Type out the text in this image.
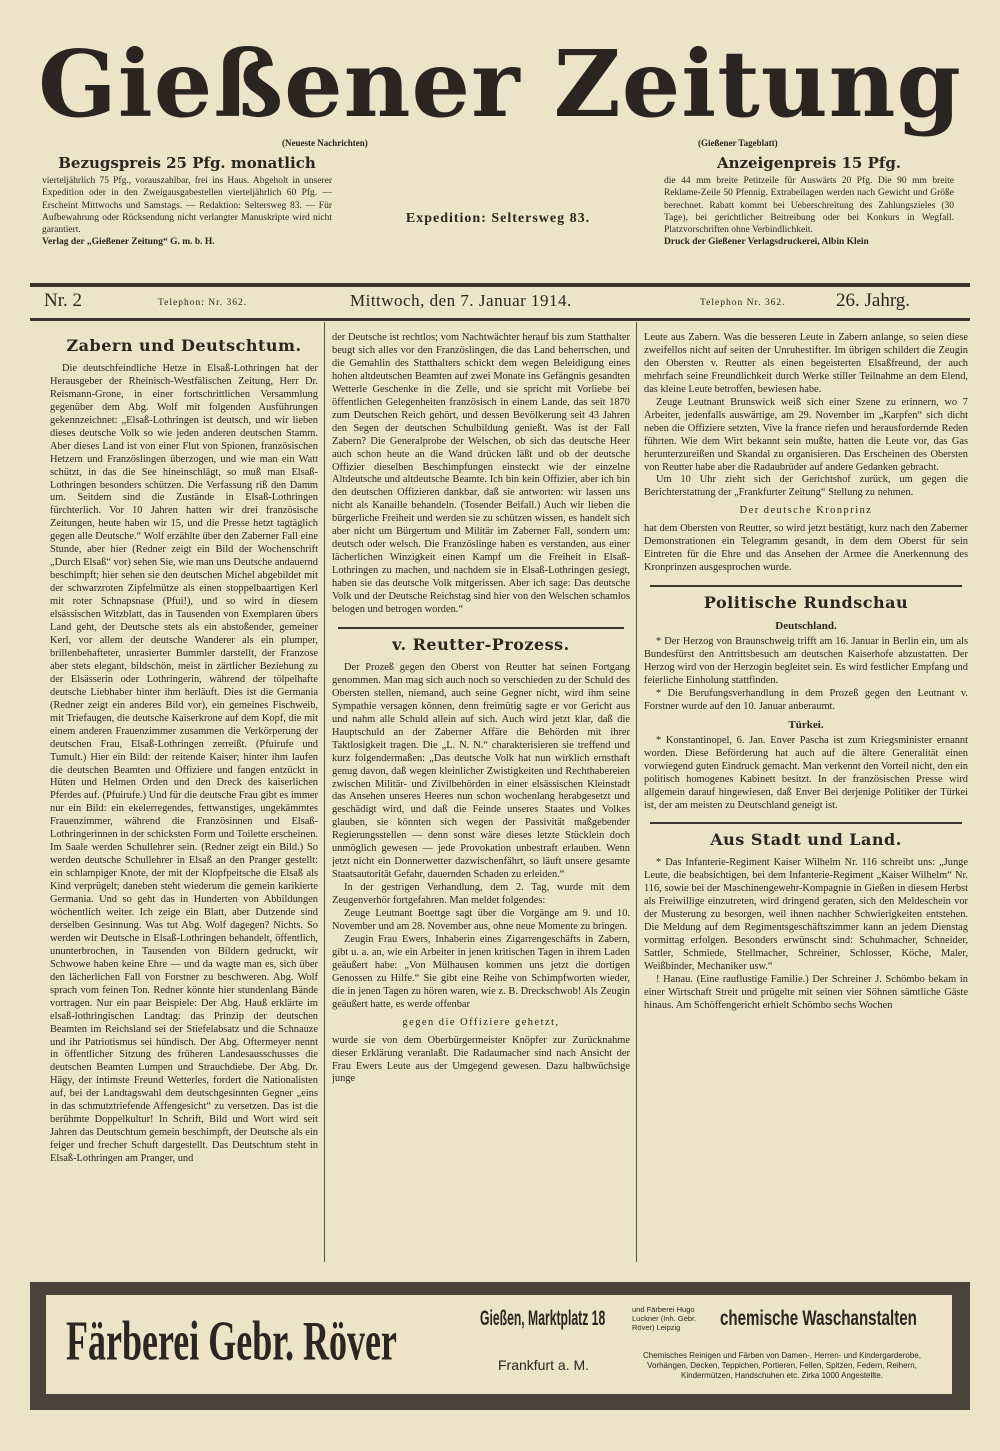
Gießener Zeitung
(Neueste Nachrichten)	(Gießener Tageblatt)
Bezugspreis 25 Pfg. monatlich

vierteljährlich 75 Pfg., vorauszahlbar, frei ins Haus. Abgeholt in unserer Expedition oder in den Zweigausgabestellen vierteljährlich 60 Pfg. — Erscheint Mittwochs und Samstags. — Redaktion: Seltersweg 83. — Für Aufbewahrung oder Rücksendung nicht verlangter Manuskripte wird nicht garantiert.

Verlag der „Gießener Zeitung“ G. m. b. H.

Expedition: Seltersweg 83.
Anzeigenpreis 15 Pfg.

die 44 mm breite Petitzeile für Auswärts 20 Pfg. Die 90 mm breite Reklame-Zeile 50 Pfennig. Extrabeilagen werden nach Gewicht und Größe berechnet. Rabatt kommt bei Ueberschreitung des Zahlungszieles (30 Tage), bei gerichtlicher Beitreibung oder bei Konkurs in Wegfall. Platzvorschriften ohne Verbindlichkeit.

Druck der Gießener Verlagsdruckerei, Albin Klein

Nr. 2	Telephon: Nr. 362.	Mittwoch, den 7. Januar 1914.	Telephon Nr. 362.	26. Jahrg.
Zabern und Deutschtum.

Die deutschfeindliche Hetze in Elsaß-Lothringen hat der Herausgeber der Rheinisch-Westfälischen Zeitung, Herr Dr. Reismann-Grone, in einer fortschrittlichen Versammlung gegenüber dem Abg. Wolf mit folgenden Ausführungen gekennzeichnet: „Elsaß-Lothringen ist deutsch, und wir lieben dieses deutsche Volk so wie jeden anderen deutschen Stamm. Aber dieses Land ist von einer Flut von Spionen, französischen Hetzern und Französlingen überzogen, und wie man ein Watt schützt, in das die See hineinschlägt, so muß man Elsaß-Lothringen besonders schützen. Die Verfassung riß den Damm um. Seitdem sind die Zustände in Elsaß-Lothringen fürchterlich. Vor 10 Jahren hatten wir drei französische Zeitungen, heute haben wir 15, und die Presse hetzt tagtäglich gegen alle Deutsche.“ Wolf erzählte über den Zaberner Fall eine Stunde, aber hier (Redner zeigt ein Bild der Wochenschrift „Durch Elsaß“ vor) sehen Sie, wie man uns Deutsche andauernd beschimpft; hier sehen sie den deutschen Michel abgebildet mit der schwarzroten Zipfelmütze als einen stoppelbaartigen Kerl mit roter Schnapsnase (Pfui!), und so wird in diesem elsässischen Witzblatt, das in Tausenden von Exemplaren übers Land geht, der Deutsche stets als ein abstoßender, gemeiner Kerl, vor allem der deutsche Wanderer als ein plumper, brillenbehafteter, unrasierter Bummler darstellt, der Franzose aber stets elegant, bildschön, meist in zärtlicher Beziehung zu der Elsässerin oder Lothringerin, während der tölpelhafte deutsche Liebhaber hinter ihm herläuft. Dies ist die Germania (Redner zeigt ein anderes Bild vor), ein gemeines Fischweib, mit Triefaugen, die deutsche Kaiserkrone auf dem Kopf, die mit einem anderen Frauenzimmer zusammen die Verkörperung der deutschen Frau, Elsaß-Lothringen zerreißt. (Pfuirufe und Tumult.) Hier ein Bild: der reitende Kaiser; hinter ihm laufen die deutschen Beamten und Offiziere und fangen entzückt in Hüten und Helmen Orden und den Dreck des kaiserlichen Pferdes auf. (Pfuirufe.) Und für die deutsche Frau gibt es immer nur ein Bild: ein ekelerregendes, fettwanstiges, ungekämmtes Frauenzimmer, während die Französinnen und Elsaß-Lothringerinnen in der schicksten Form und Toilette erscheinen. Im Saale werden Schullehrer sein. (Redner zeigt ein Bild.) So werden deutsche Schullehrer in Elsaß an den Pranger gestellt: ein schlampiger Knote, der mit der Klopfpeitsche die Elsaß als Kind verprügelt; daneben steht wiederum die gemein karikierte Germania. Und so geht das in Hunderten von Abbildungen wöchentlich weiter. Ich zeige ein Blatt, aber Dutzende sind derselben Gesinnung. Was tut Abg. Wolf dagegen? Nichts. So werden wir Deutsche in Elsaß-Lothringen behandelt, öffentlich, ununterbrochen, in Tausenden von Bildern gedruckt, wir Schwowe haben keine Ehre — und da wagte man es, sich über den lächerlichen Fall von Forstner zu beschweren. Abg. Wolf sprach vom feinen Ton. Redner könnte hier stundenlang Bände vortragen. Nur ein paar Beispiele: Der Abg. Hauß erklärte im elsaß-lothringischen Landtag: das Prinzip der deutschen Beamten im Reichsland sei der Stiefelabsatz und die Schnauze und ihr Patriotismus sei hündisch. Der Abg. Oftermeyer nennt in öffentlicher Sitzung des früheren Landesausschusses die deutschen Beamten Lumpen und Strauchdiebe. Der Abg. Dr. Hägy, der intimste Freund Wetterles, fordert die Nationalisten auf, bei der Landtagswahl dem deutschgesinnten Gegner „eins in das schmutztriefende Affengesicht“ zu versetzen. Das ist die berühmte Doppelkultur! In Schrift, Bild und Wort wird seit Jahren das Deutschtum gemein beschimpft, der Deutsche als ein feiger und frecher Schuft dargestellt. Das Deutschtum steht in Elsaß-Lothringen am Pranger, und

der Deutsche ist rechtlos; vom Nachtwächter herauf bis zum Statthalter beugt sich alles vor den Französlingen, die das Land beherrschen, und die Gemahlin des Statthalters schickt dem wegen Beleidigung eines hohen altdeutschen Beamten auf zwei Monate ins Gefängnis gesandten Wetterle Geschenke in die Zelle, und sie spricht mit Vorliebe bei öffentlichen Gelegenheiten französisch in einem Lande, das seit 1870 zum Deutschen Reich gehört, und dessen Bevölkerung seit 43 Jahren den Segen der deutschen Schulbildung genießt. Was ist der Fall Zabern? Die Generalprobe der Welschen, ob sich das deutsche Heer auch schon heute an die Wand drücken läßt und ob der deutsche Offizier dieselben Beschimpfungen einsteckt wie der einzelne Altdeutsche und altdeutsche Beamte. Ich bin kein Offizier, aber ich bin den deutschen Offizieren dankbar, daß sie antworten: wir lassen uns nicht als Kanaille behandeln. (Tosender Beifall.) Auch wir lieben die bürgerliche Freiheit und werden sie zu schützen wissen, es handelt sich aber nicht um Bürgertum und Militär im Zaberner Fall, sondern um: deutsch oder welsch. Die Französlinge haben es verstanden, aus einer lächerlichen Winzigkeit einen Kampf um die Freiheit in Elsaß-Lothringen zu machen, und nachdem sie in Elsaß-Lothringen gesiegt, haben sie das deutsche Volk mitgerissen. Aber ich sage: Das deutsche Volk und der Deutsche Reichstag sind hier von den Welschen schamlos belogen und betrogen worden.“

v. Reutter-Prozess.

Der Prozeß gegen den Oberst von Reutter hat seinen Fortgang genommen. Man mag sich auch noch so verschieden zu der Schuld des Obersten stellen, niemand, auch seine Gegner nicht, wird ihm seine Sympathie versagen können, denn freimütig sagte er vor Gericht aus und nahm alle Schuld allein auf sich. Auch wird jetzt klar, daß die Hauptschuld an der Zaberner Affäre die Behörden mit ihrer Taktlosigkeit tragen. Die „L. N. N.“ charakterisieren sie treffend und kurz folgendermaßen: „Das deutsche Volk hat nun wirklich ernsthaft genug davon, daß wegen kleinlicher Zwistigkeiten und Rechthabereien zwischen Militär- und Zivilbehörden in einer elsässischen Kleinstadt das Ansehen unseres Heeres nun schon wochenlang herabgesetzt und geschädigt wird, und daß die Feinde unseres Staates und Volkes glauben, sie könnten sich wegen der Passivität maßgebender Regierungsstellen — denn sonst wäre dieses letzte Stücklein doch unmöglich gewesen — jede Provokation unbestraft erlauben. Wenn jetzt nicht ein Donnerwetter dazwischenfährt, so läuft unsere gesamte Staatsautorität Gefahr, dauernden Schaden zu erleiden.“

In der gestrigen Verhandlung, dem 2. Tag, wurde mit dem Zeugenverhör fortgefahren. Man meldet folgendes:

Zeuge Leutnant Boettge sagt über die Vorgänge am 9. und 10. November und am 28. November aus, ohne neue Momente zu bringen.

Zeugin Frau Ewers, Inhaberin eines Zigarrengeschäfts in Zabern, gibt u. a. an, wie ein Arbeiter in jenen kritischen Tagen in ihrem Laden geäußert habe: „Von Mülhausen kommen uns jetzt die dortigen Genossen zu Hilfe.“ Sie gibt eine Reihe von Schimpfworten wieder, die in jenen Tagen zu hören waren, wie z. B. Dreckschwob! Als Zeugin geäußert hatte, es werde offenbar

gegen die Offiziere gehetzt,

wurde sie von dem Oberbürgermeister Knöpfer zur Zurücknahme dieser Erklärung veranlaßt. Die Radaumacher sind nach Ansicht der Frau Ewers Leute aus der Umgegend gewesen. Dazu halbwüchsige junge

Leute aus Zabern. Was die besseren Leute in Zabern anlange, so seien diese zweifellos nicht auf seiten der Unruhestifter. Im übrigen schildert die Zeugin den Obersten v. Reutter als einen begeisterten Elsaßfreund, der auch mehrfach seine Freundlichkeit durch Werke stiller Teilnahme an dem Elend, das kleine Leute betroffen, bewiesen habe.

Zeuge Leutnant Brunswick weiß sich einer Szene zu erinnern, wo 7 Arbeiter, jedenfalls auswärtige, am 29. November im „Karpfen“ sich dicht neben die Offiziere setzten, Vive la france riefen und herausfordernde Reden führten. Wie dem Wirt bekannt sein mußte, hatten die Leute vor, das Gas herunterzureißen und Skandal zu organisieren. Das Erscheinen des Obersten von Reutter habe aber die Radaubrüder auf andere Gedanken gebracht.

Um 10 Uhr zieht sich der Gerichtshof zurück, um gegen die Berichterstattung der „Frankfurter Zeitung“ Stellung zu nehmen.

Der deutsche Kronprinz

hat dem Obersten von Reutter, so wird jetzt bestätigt, kurz nach den Zaberner Demonstrationen ein Telegramm gesandt, in dem dem Oberst für sein Eintreten für die Ehre und das Ansehen der Armee die Anerkennung des Kronprinzen ausgesprochen wurde.

Politische Rundschau
Deutschland.

* Der Herzog von Braunschweig trifft am 16. Januar in Berlin ein, um als Bundesfürst den Antrittsbesuch am deutschen Kaiserhofe abzustatten. Der Herzog wird von der Herzogin begleitet sein. Es wird festlicher Empfang und feierliche Einholung stattfinden.

* Die Berufungsverhandlung in dem Prozeß gegen den Leutnant v. Forstner wurde auf den 10. Januar anberaumt.

Türkei.

* Konstantinopel, 6. Jan. Enver Pascha ist zum Kriegsminister ernannt worden. Diese Beförderung hat auch auf die ältere Generalität einen vorwiegend guten Eindruck gemacht. Man verkennt den Vorteil nicht, den ein politisch homogenes Kabinett besitzt. In der französischen Presse wird allgemein darauf hingewiesen, daß Enver Bei derjenige Politiker der Türkei ist, der am meisten zu Deutschland geneigt ist.

Aus Stadt und Land.

* Das Infanterie-Regiment Kaiser Wilhelm Nr. 116 schreibt uns: „Junge Leute, die beabsichtigen, bei dem Infanterie-Regiment „Kaiser Wilhelm“ Nr. 116, sowie bei der Maschinengewehr-Kompagnie in Gießen in diesem Herbst als Freiwillige einzutreten, wird dringend geraten, sich den Meldeschein vor der Musterung zu besorgen, weil ihnen nachher Schwierigkeiten entstehen. Die Meldung auf dem Regimentsgeschäftszimmer kann an jedem Dienstag vormittag erfolgen. Besonders erwünscht sind: Schuhmacher, Schneider, Sattler, Schmiede, Stellmacher, Schreiner, Schlosser, Köche, Maler, Weißbinder, Mechaniker usw.“

! Hanau. (Eine rauflustige Familie.) Der Schreiner J. Schömbo bekam in einer Wirtschaft Streit und prügelte mit seinen vier Söhnen sämtliche Gäste hinaus. Am Schöffengericht erhielt Schömbo sechs Wochen

Färberei Gebr. Röver	Gießen, Marktplatz 18
Frankfurt a. M.
und Färberei Hugo Luckner (Inh. Gebr. Röver) Leipzig	chemische Waschanstalten
Chemisches Reinigen und Färben von Damen-, Herren- und Kindergarderobe, Vorhängen, Decken, Teppichen, Portieren, Fellen, Spitzen, Federn, Reihern, Kindermützen, Handschuhen etc. Zirka 1000 Angestellte.
